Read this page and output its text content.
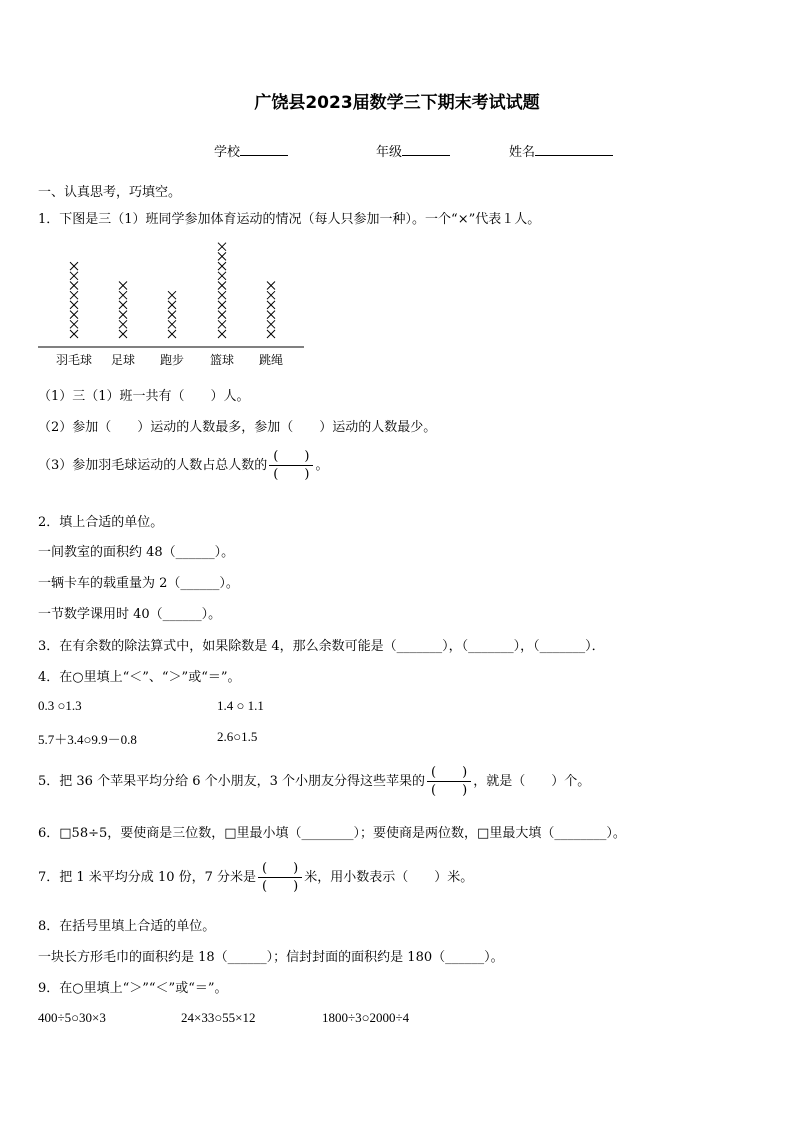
广饶县2023届数学三下期末考试试题
学校	年级	姓名
一、认真思考，巧填空。
1．下图是三（1）班同学参加体育运动的情况（每人只参加一种）。一个“×”代表１人。
羽毛球 足球 跑步 篮球 跳绳
（1）三（1）班一共有（　　）人。
（2）参加（　　）运动的人数最多，参加（　　）运动的人数最少。
（3）参加羽毛球运动的人数占总人数的 $\frac{( )}{( )}$ 。
2．填上合适的单位。
一间教室的面积约 48（______）。
一辆卡车的载重量为 2（______）。
一节数学课用时 40（______）。
3．在有余数的除法算式中，如果除数是 4，那么余数可能是（_______），（_______），（_______）．
4．在○里填上“＜”、“＞”或“＝”。
0.3 ○1.3	1.4 ○ 1.1
5.7＋3.4○9.9－0.8	2.6○1.5
5．把 36 个苹果平均分给 6 个小朋友，3 个小朋友分得这些苹果的 $\frac{( )}{( )}$ ，就是（　　）个。
6．□58÷5，要使商是三位数，□里最小填（________）；要使商是两位数，□里最大填（________）。
7．把 1 米平均分成 10 份，7 分米是 $\frac{( )}{( )}$ 米，用小数表示（　　）米。
8．在括号里填上合适的单位。
一块长方形毛巾的面积约是 18（______）；信封封面的面积约是 180（______）。
9．在○里填上“＞”“＜”或“＝”。
400÷5○30×3	24×33○55×12	1800÷3○2000÷4
